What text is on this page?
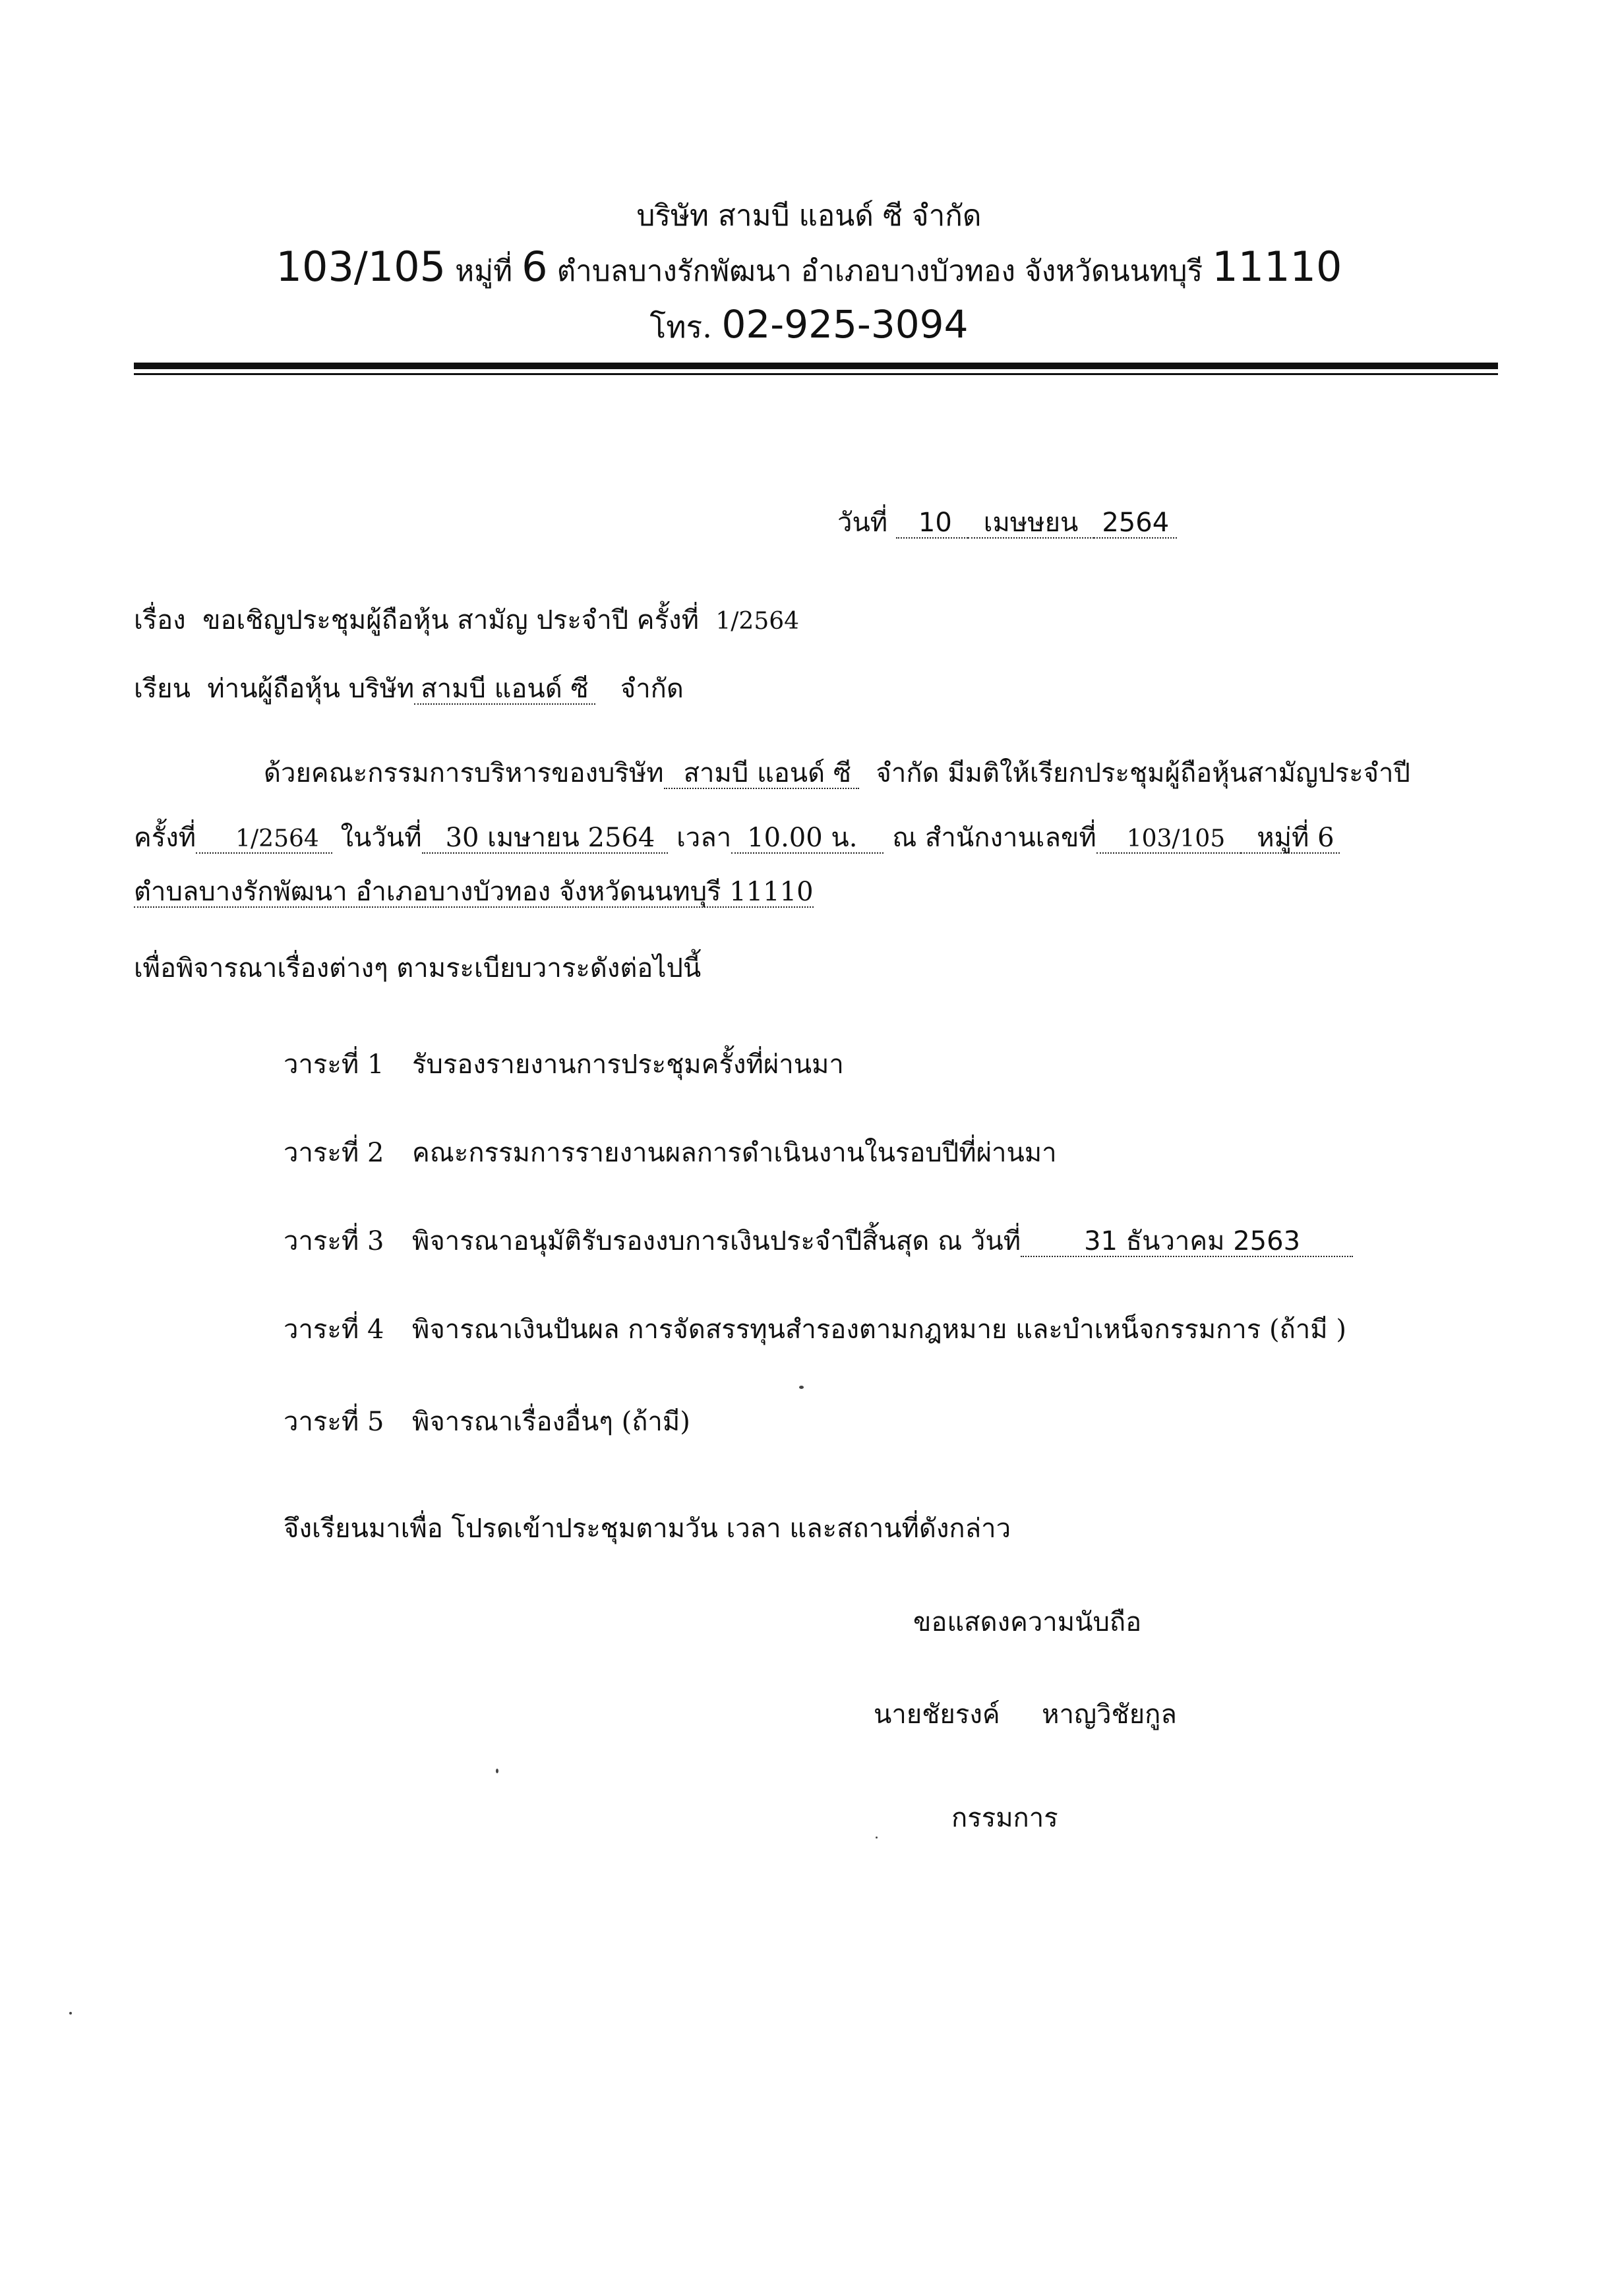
บริษัท สามบี แอนด์ ซี จำกัด
103/105 หมู่ที่ 6 ตำบลบางรักพัฒนา อำเภอบางบัวทอง จังหวัดนนทบุรี 11110
โทร. 02-925-3094
วันที่ 10 เมษษยน 2564
เรื่อง ขอเชิญประชุมผู้ถือหุ้น สามัญ ประจำปี ครั้งที่ 1/2564
เรียน ท่านผู้ถือหุ้น บริษัท สามบี แอนด์ ซี จำกัด
ด้วยคณะกรรมการบริหารของบริษัท สามบี แอนด์ ซี จำกัด มีมติให้เรียกประชุมผู้ถือหุ้นสามัญประจำปี
ครั้งที่ 1/2564 ในวันที่ 30 เมษายน 2564 เวลา 10.00 น. ณ สำนักงานเลขที่ 103/105 หมู่ที่ 6
ตำบลบางรักพัฒนา อำเภอบางบัวทอง จังหวัดนนทบุรี 11110
เพื่อพิจารณาเรื่องต่างๆ ตามระเบียบวาระดังต่อไปนี้
วาระที่ 1 รับรองรายงานการประชุมครั้งที่ผ่านมา
วาระที่ 2 คณะกรรมการรายงานผลการดำเนินงานในรอบปีที่ผ่านมา
วาระที่ 3 พิจารณาอนุมัติรับรองงบการเงินประจำปีสิ้นสุด ณ วันที่ 31 ธันวาคม 2563
วาระที่ 4 พิจารณาเงินปันผล การจัดสรรทุนสำรองตามกฎหมาย และบำเหน็จกรรมการ (ถ้ามี )
วาระที่ 5 พิจารณาเรื่องอื่นๆ (ถ้ามี)
จึงเรียนมาเพื่อ โปรดเข้าประชุมตามวัน เวลา และสถานที่ดังกล่าว
ขอแสดงความนับถือ
นายชัยรงค์     หาญวิชัยกูล
กรรมการ
